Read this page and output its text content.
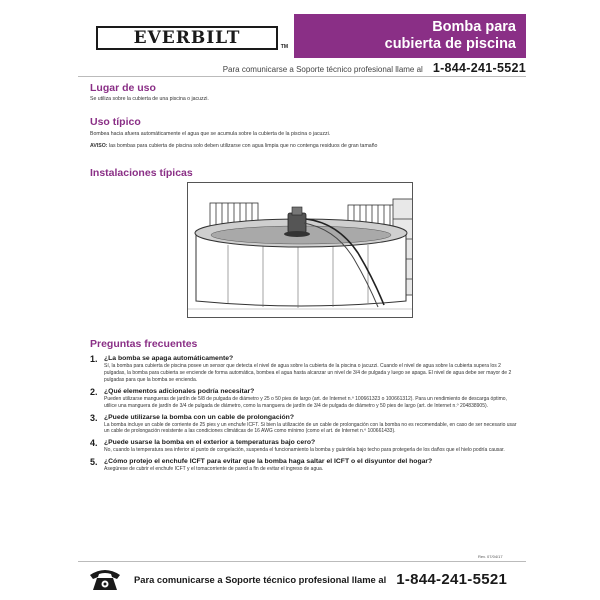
EVERBILT	TM
Bomba para
cubierta de piscina
Para comunicarse a Soporte técnico profesional llame al 1-844-241-5521
Lugar de uso
Se utiliza sobre la cubierta de una piscina o jacuzzi.
Uso típico
Bombea hacia afuera automáticamente el agua que se acumula sobre la cubierta de la piscina o jacuzzi.
AVISO: las bombas para cubierta de piscina solo deben utilizarse con agua limpia que no contenga residuos de gran tamaño
Instalaciones típicas
Preguntas frecuentes
1. ¿La bomba se apaga automáticamente?
Sí, la bomba para cubierta de piscina posee un sensor que detecta el nivel de agua sobre la cubierta de la piscina o jacuzzi. Cuando el nivel de agua sobre la cubierta supera los 2 pulgadas, la bomba para cubierta se enciende de forma automática, bombea el agua hasta alcanzar un nivel de 3/4 de pulgada y luego se apaga. El nivel de agua debe ser mayor de 2 pulgadas para que la bomba se encienda.
2. ¿Qué elementos adicionales podría necesitar?
Pueden utilizarse mangueras de jardín de 5/8 de pulgada de diámetro y 25 o 50 pies de largo (art. de Internet n.º 100661323 o 100661312). Para un rendimiento de descarga óptimo, utilice una manguera de jardín de 3/4 de pulgada de diámetro, como la manguera de jardín de 3/4 de pulgada de diámetro y 50 pies de largo (art. de Internet n.º 204838905).
3. ¿Puede utilizarse la bomba con un cable de prolongación?
La bomba incluye un cable de corriente de 25 pies y un enchufe ICFT. Si bien la utilización de un cable de prolongación con la bomba no es recomendable, en caso de ser necesario usar un cable de prolongación resistente a las condiciones climáticas de 16 AWG como mínimo (como el art. de Internet n.º 100661433).
4. ¿Puede usarse la bomba en el exterior a temperaturas bajo cero?
No, cuando la temperatura sea inferior al punto de congelación, suspenda el funcionamiento la bomba y guárdela bajo techo para protegerla de los daños que el hielo podría causar.
5. ¿Cómo protejo el enchufe ICFT para evitar que la bomba haga saltar el ICFT o el disyuntor del hogar?
Asegúrese de cubrir el enchufe ICFT y el tomacorriente de pared a fin de evitar el ingreso de agua.
Rev. 07/04/17
Para comunicarse a Soporte técnico profesional llame al 1-844-241-5521
